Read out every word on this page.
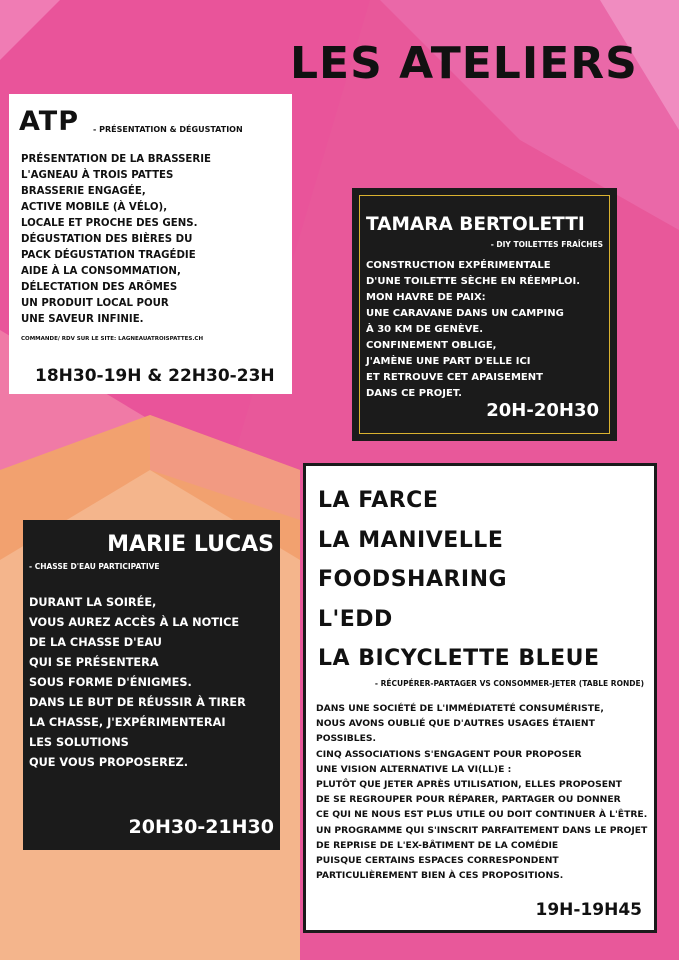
LES ATELIERS
ATP - PRÉSENTATION & DÉGUSTATION

PRÉSENTATION DE LA BRASSERIE

L'AGNEAU À TROIS PATTES

BRASSERIE ENGAGÉE,

ACTIVE MOBILE (À VÉLO),

LOCALE ET PROCHE DES GENS.

DÉGUSTATION DES BIÈRES DU

PACK DÉGUSTATION TRAGÉDIE

AIDE À LA CONSOMMATION,

DÉLECTATION DES ARÔMES

UN PRODUIT LOCAL POUR

UNE SAVEUR INFINIE.

COMMANDE/ RDV SUR LE SITE: LAGNEAUATROISPATTES.CH
18H30-19H & 22H30-23H
TAMARA BERTOLETTI
- DIY TOILETTES FRAÎCHES

CONSTRUCTION EXPÉRIMENTALE

D'UNE TOILETTE SÈCHE EN RÉEMPLOI.

MON HAVRE DE PAIX:

UNE CARAVANE DANS UN CAMPING

À 30 KM DE GENÈVE.

CONFINEMENT OBLIGE,

J'AMÈNE UNE PART D'ELLE ICI

ET RETROUVE CET APAISEMENT

DANS CE PROJET.

20H-20H30
MARIE LUCAS
- CHASSE D'EAU PARTICIPATIVE

DURANT LA SOIRÉE,

VOUS AUREZ ACCÈS À LA NOTICE

DE LA CHASSE D'EAU

QUI SE PRÉSENTERA

SOUS FORME D'ÉNIGMES.

DANS LE BUT DE RÉUSSIR À TIRER

LA CHASSE, J'EXPÉRIMENTERAI

LES SOLUTIONS

QUE VOUS PROPOSEREZ.

20H30-21H30
LA FARCE
LA MANIVELLE
FOODSHARING
L'EDD
LA BICYCLETTE BLEUE
- RÉCUPÉRER-PARTAGER VS CONSOMMER-JETER (TABLE RONDE)

DANS UNE SOCIÉTÉ DE L'IMMÉDIATETÉ CONSUMÉRISTE,

NOUS AVONS OUBLIÉ QUE D'AUTRES USAGES ÉTAIENT POSSIBLES.

CINQ ASSOCIATIONS S'ENGAGENT POUR PROPOSER

UNE VISION ALTERNATIVE LA VI(LL)E :

PLUTÔT QUE JETER APRÈS UTILISATION, ELLES PROPOSENT

DE SE REGROUPER POUR RÉPARER, PARTAGER OU DONNER

CE QUI NE NOUS EST PLUS UTILE OU DOIT CONTINUER À L'ÊTRE.

UN PROGRAMME QUI S'INSCRIT PARFAITEMENT DANS LE PROJET

DE REPRISE DE L'EX-BÂTIMENT DE LA COMÉDIE

PUISQUE CERTAINS ESPACES CORRESPONDENT

PARTICULIÈREMENT BIEN À CES PROPOSITIONS.

19H-19H45
